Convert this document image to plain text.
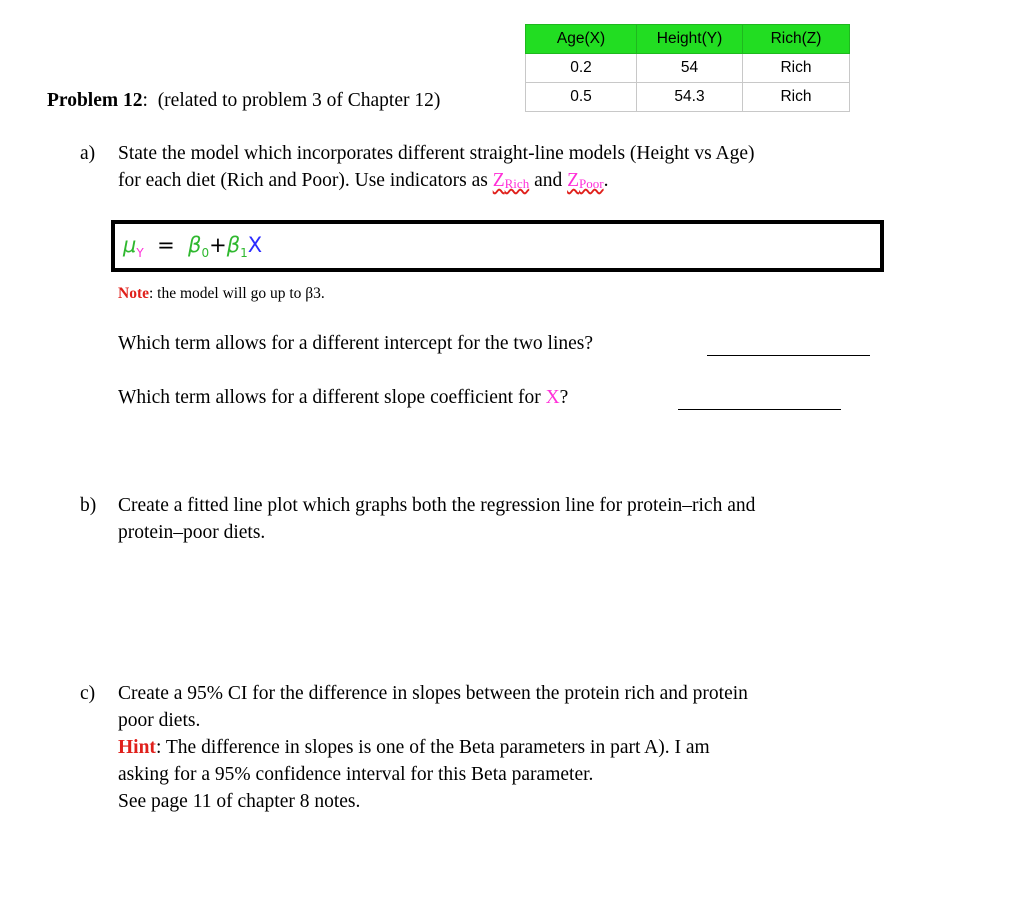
Age(X)	Height(Y)	Rich(Z)
0.2	54	Rich
0.5	54.3	Rich
Problem 12: (related to problem 3 of Chapter 12)
a) State the model which incorporates different straight-line models (Height vs Age)
for each diet (Rich and Poor). Use indicators as ZRich and ZPoor.
$\mu_Y = \beta_0+\beta_1X$
Note: the model will go up to β3.
Which term allows for a different intercept for the two lines?
Which term allows for a different slope coefficient for X?
b) Create a fitted line plot which graphs both the regression line for protein–rich and
protein–poor diets.
c) Create a 95% CI for the difference in slopes between the protein rich and protein
poor diets.
Hint: The difference in slopes is one of the Beta parameters in part A). I am
asking for a 95% confidence interval for this Beta parameter.
See page 11 of chapter 8 notes.
